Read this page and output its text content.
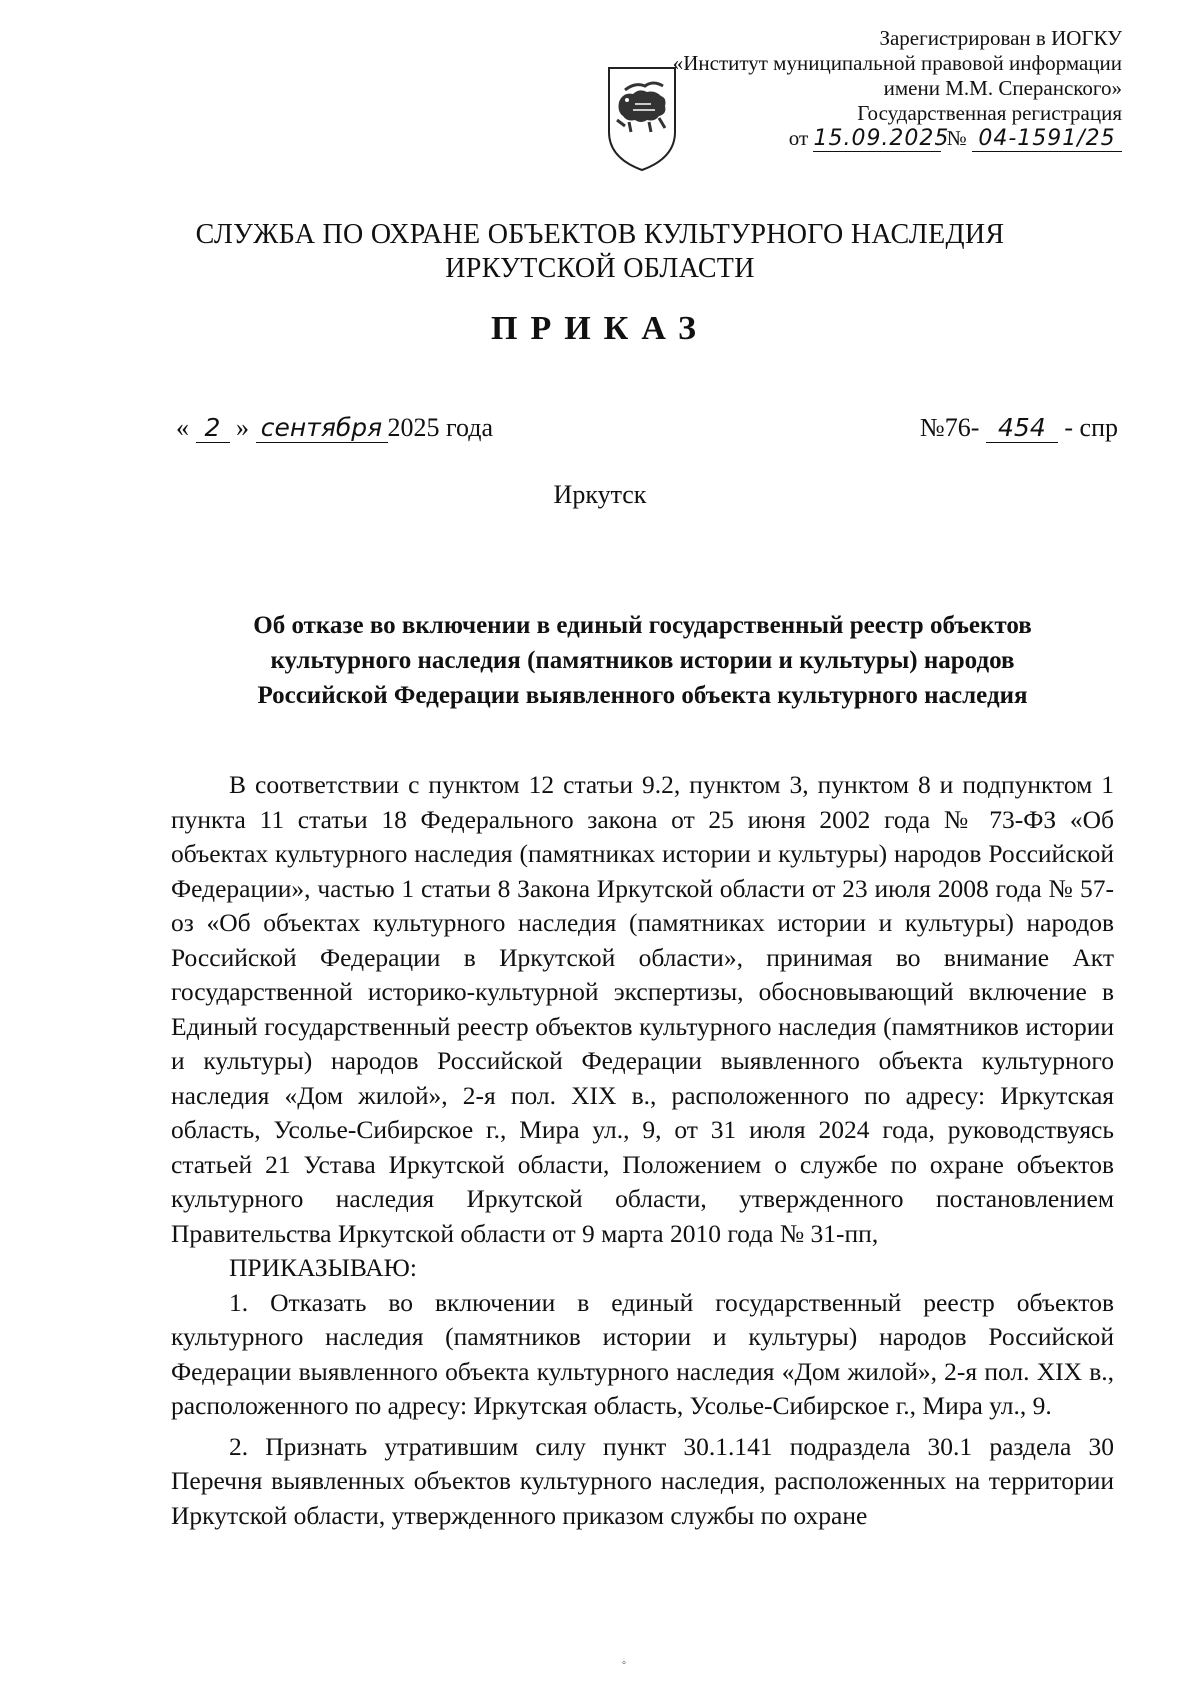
Зарегистрирован в ИОГКУ
«Институт муниципальной правовой информации
имени М.М. Сперанского»
Государственная регистрация
от 15.09.2025 № 04-1591/25
СЛУЖБА ПО ОХРАНЕ ОБЪЕКТОВ КУЛЬТУРНОГО НАСЛЕДИЯ
ИРКУТСКОЙ ОБЛАСТИ
ПРИКАЗ
« 2 » сентября 2025 года	№76- 454 - спр
Иркутск
Об отказе во включении в единый государственный реестр объектов
культурного наследия (памятников истории и культуры) народов
Российской Федерации выявленного объекта культурного наследия

В соответствии с пунктом 12 статьи 9.2, пунктом 3, пунктом 8 и подпунктом 1 пункта 11 статьи 18 Федерального закона от 25 июня 2002 года № 73-ФЗ «Об объектах культурного наследия (памятниках истории и культуры) народов Российской Федерации», частью 1 статьи 8 Закона Иркутской области от 23 июля 2008 года № 57-оз «Об объектах культурного наследия (памятниках истории и культуры) народов Российской Федерации в Иркутской области», принимая во внимание Акт государственной историко-культурной экспертизы, обосновывающий включение в Единый государственный реестр объектов культурного наследия (памятников истории и культуры) народов Российской Федерации выявленного объекта культурного наследия «Дом жилой», 2-я пол. XIX в., расположенного по адресу: Иркутская область, Усолье-Сибирское г., Мира ул., 9, от 31 июля 2024 года, руководствуясь статьей 21 Устава Иркутской области, Положением о службе по охране объектов культурного наследия Иркутской области, утвержденного постановлением Правительства Иркутской области от 9 марта 2010 года № 31-пп,

ПРИКАЗЫВАЮ:

1. Отказать во включении в единый государственный реестр объектов культурного наследия (памятников истории и культуры) народов Российской Федерации выявленного объекта культурного наследия «Дом жилой», 2-я пол. XIX в., расположенного по адресу: Иркутская область, Усолье-Сибирское г., Мира ул., 9.

2. Признать утратившим силу пункт 30.1.141 подраздела 30.1 раздела 30 Перечня выявленных объектов культурного наследия, расположенных на территории Иркутской области, утвержденного приказом службы по охране

°
